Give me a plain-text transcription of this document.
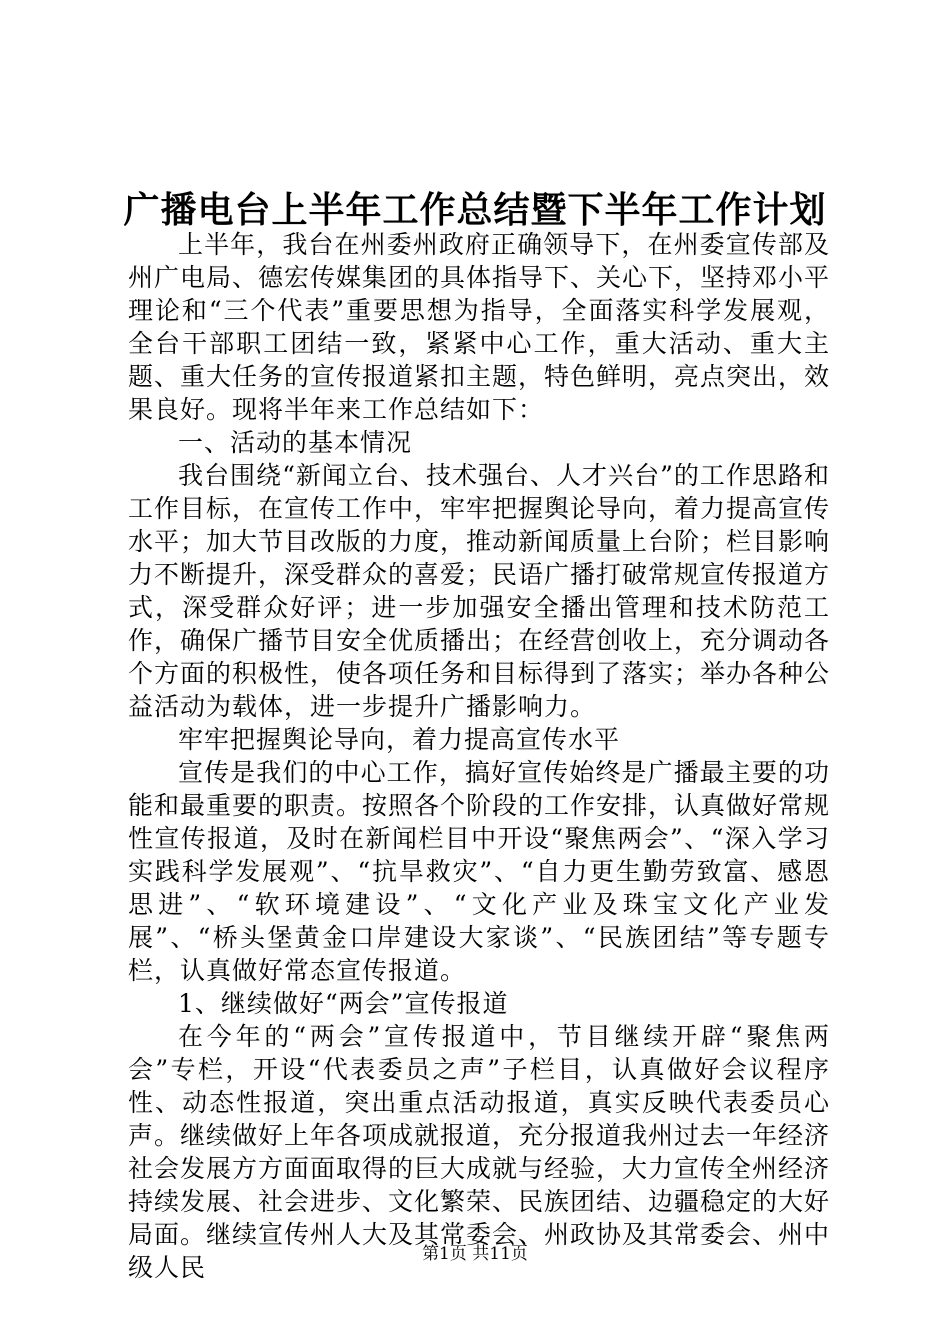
广播电台上半年工作总结暨下半年工作计划

上半年，我台在州委州政府正确领导下，在州委宣传部及州广电局、德宏传媒集团的具体指导下、关心下，坚持邓小平理论和“三个代表”重要思想为指导，全面落实科学发展观，全台干部职工团结一致，紧紧中心工作，重大活动、重大主题、重大任务的宣传报道紧扣主题，特色鲜明，亮点突出，效果良好。现将半年来工作总结如下：

一、活动的基本情况

我台围绕“新闻立台、技术强台、人才兴台”的工作思路和工作目标，在宣传工作中，牢牢把握舆论导向，着力提高宣传水平；加大节目改版的力度，推动新闻质量上台阶；栏目影响力不断提升，深受群众的喜爱；民语广播打破常规宣传报道方式，深受群众好评；进一步加强安全播出管理和技术防范工作，确保广播节目安全优质播出；在经营创收上，充分调动各个方面的积极性，使各项任务和目标得到了落实；举办各种公益活动为载体，进一步提升广播影响力。

牢牢把握舆论导向，着力提高宣传水平

宣传是我们的中心工作，搞好宣传始终是广播最主要的功能和最重要的职责。按照各个阶段的工作安排，认真做好常规性宣传报道，及时在新闻栏目中开设“聚焦两会”、“深入学习实践科学发展观”、“抗旱救灾”、“自力更生勤劳致富、感恩思进”、“软环境建设”、“文化产业及珠宝文化产业发展”、“桥头堡黄金口岸建设大家谈”、“民族团结”等专题专栏，认真做好常态宣传报道。

1、继续做好“两会”宣传报道

在今年的“两会”宣传报道中，节目继续开辟“聚焦两会”专栏，开设“代表委员之声”子栏目，认真做好会议程序性、动态性报道，突出重点活动报道，真实反映代表委员心声。继续做好上年各项成就报道，充分报道我州过去一年经济社会发展方方面面取得的巨大成就与经验，大力宣传全州经济持续发展、社会进步、文化繁荣、民族团结、边疆稳定的大好局面。继续宣传州人大及其常委会、州政协及其常委会、州中级人民	第1页 共11页
